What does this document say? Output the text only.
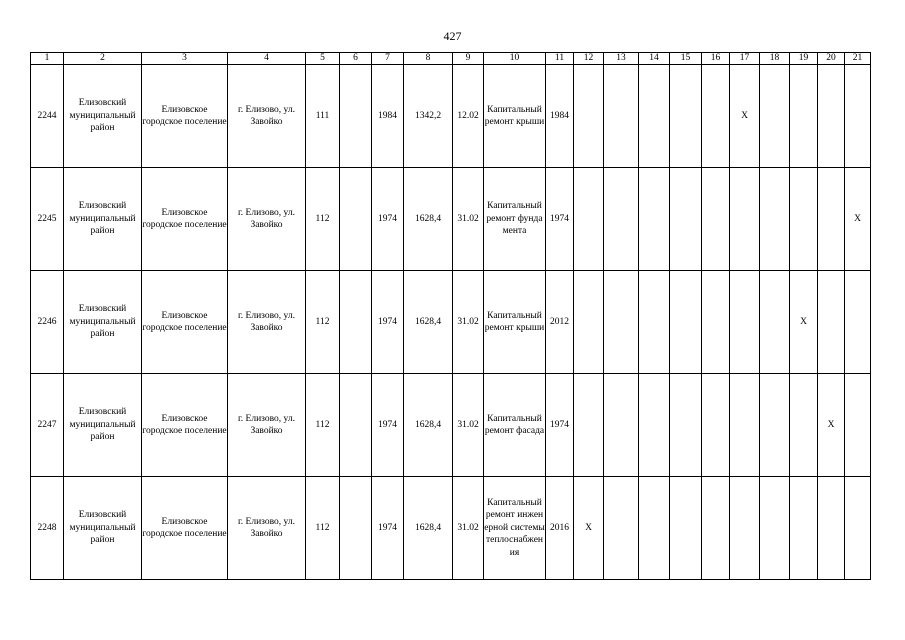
427
1	2	3	4	5	6	7	8	9	10	11	12	13	14	15	16	17	18	19	20	21
2244	Елизовский муниципальный район	Елизовское городское поселение	г. Елизово, ул. Завойко	111		1984	1342,2	12.02	Капитальный ремонт крыши	1984						X				
2245	Елизовский муниципальный район	Елизовское городское поселение	г. Елизово, ул. Завойко	112		1974	1628,4	31.02	Капитальный ремонт фундамента	1974										X
2246	Елизовский муниципальный район	Елизовское городское поселение	г. Елизово, ул. Завойко	112		1974	1628,4	31.02	Капитальный ремонт крыши	2012								X		
2247	Елизовский муниципальный район	Елизовское городское поселение	г. Елизово, ул. Завойко	112		1974	1628,4	31.02	Капитальный ремонт фасада	1974									X	
2248	Елизовский муниципальный район	Елизовское городское поселение	г. Елизово, ул. Завойко	112		1974	1628,4	31.02	Капитальный ремонт инженерной системы теплоснабжения	2016	X									
